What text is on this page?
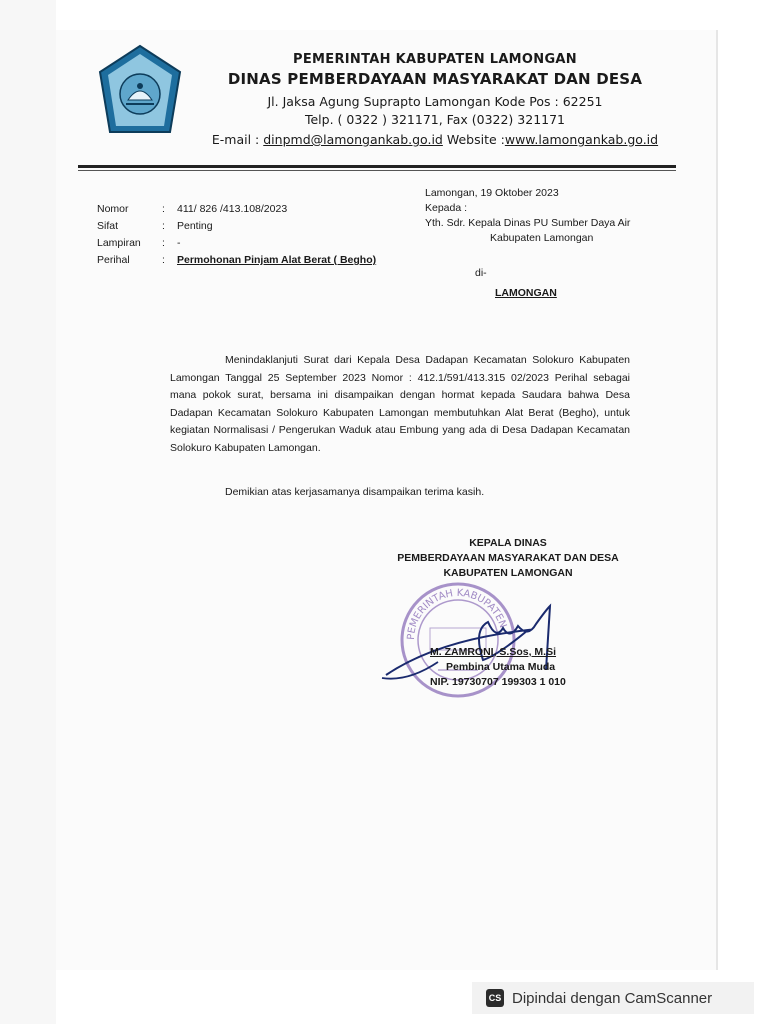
PEMERINTAH KABUPATEN LAMONGAN
DINAS PEMBERDAYAAN MASYARAKAT DAN DESA
Jl. Jaksa Agung Suprapto Lamongan Kode Pos : 62251
Telp. ( 0322 ) 321171, Fax (0322) 321171
E-mail : dinpmd@lamongankab.go.id Website :www.lamongankab.go.id
Nomor	:	411/ 826 /413.108/2023
Sifat	:	Penting
Lampiran	:	-
Perihal	:	Permohonan Pinjam Alat Berat ( Begho)
Lamongan, 19 Oktober 2023
Kepada :
Yth. Sdr. Kepala Dinas PU Sumber Daya Air
Kabupaten Lamongan
di-
LAMONGAN

Menindaklanjuti Surat dari Kepala Desa Dadapan Kecamatan Solokuro Kabupaten Lamongan Tanggal 25 September 2023 Nomor : 412.1/591/413.315 02/2023 Perihal sebagai mana pokok surat, bersama ini disampaikan dengan hormat kepada Saudara bahwa Desa Dadapan Kecamatan Solokuro Kabupaten Lamongan membutuhkan Alat Berat (Begho), untuk kegiatan Normalisasi / Pengerukan Waduk atau Embung yang ada di Desa Dadapan Kecamatan Solokuro Kabupaten Lamongan.

Demikian atas kerjasamanya disampaikan terima kasih.
KEPALA DINAS
PEMBERDAYAAN MASYARAKAT DAN DESA
KABUPATEN LAMONGAN
PEMERINTAH KABUPATEN
M. ZAMRONI, S.Sos, M.Si
Pembina Utama Muda
NIP. 19730707 199303 1 010
CS Dipindai dengan CamScanner
